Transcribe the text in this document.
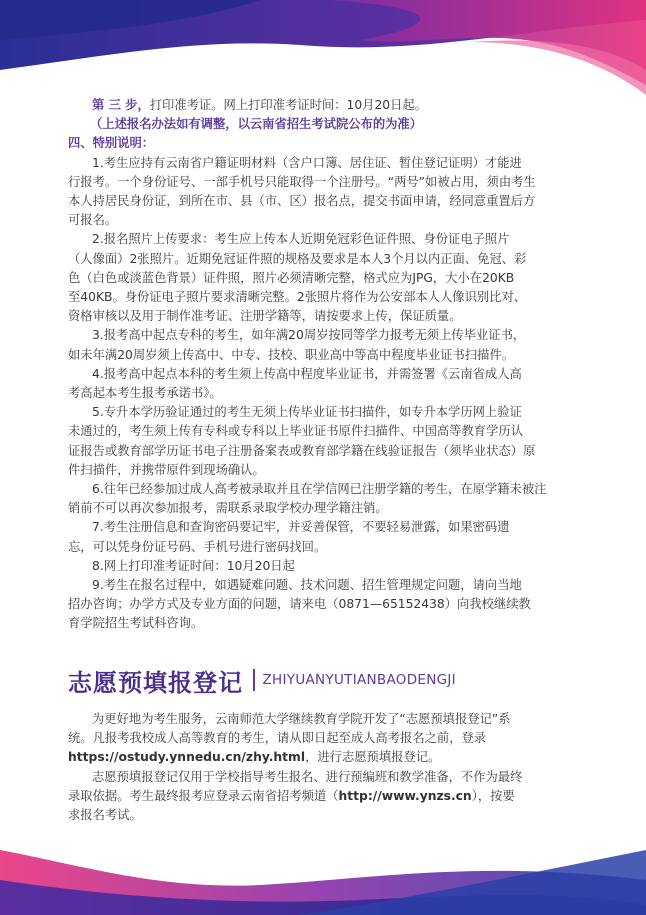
第 三 步，打印准考证。网上打印准考证时间：10月20日起。
（上述报名办法如有调整，以云南省招生考试院公布的为准）
四、特别说明：
1.考生应持有云南省户籍证明材料（含户口簿、居住证、暂住登记证明）才能进
行报考。一个身份证号、一部手机号只能取得一个注册号。“两号”如被占用，须由考生
本人持居民身份证，到所在市、县（市、区）报名点，提交书面申请，经同意重置后方
可报名。
2.报名照片上传要求：考生应上传本人近期免冠彩色证件照、身份证电子照片
（人像面）2张照片。近期免冠证件照的规格及要求是本人3个月以内正面、免冠、彩
色（白色或淡蓝色背景）证件照，照片必须清晰完整，格式应为JPG，大小在20KB
至40KB。身份证电子照片要求清晰完整。2张照片将作为公安部本人人像识别比对、
资格审核以及用于制作准考证、注册学籍等，请按要求上传，保证质量。
3.报考高中起点专科的考生，如年满20周岁按同等学力报考无须上传毕业证书，
如未年满20周岁须上传高中、中专、技校、职业高中等高中程度毕业证书扫描件。
4.报考高中起点本科的考生须上传高中程度毕业证书，并需签署《云南省成人高
考高起本考生报考承诺书》。
5.专升本学历验证通过的考生无须上传毕业证书扫描件，如专升本学历网上验证
未通过的，考生须上传有专科或专科以上毕业证书原件扫描件、中国高等教育学历认
证报告或教育部学历证书电子注册备案表或教育部学籍在线验证报告（须毕业状态）原
件扫描件，并携带原件到现场确认。
6.往年已经参加过成人高考被录取并且在学信网已注册学籍的考生，在原学籍未被注
销前不可以再次参加报考，需联系录取学校办理学籍注销。
7.考生注册信息和查询密码要记牢，并妥善保管，不要轻易泄露，如果密码遗
忘，可以凭身份证号码、手机号进行密码找回。
8.网上打印准考证时间：10月20日起
9.考生在报名过程中，如遇疑难问题、技术问题、招生管理规定问题，请向当地
招办咨询；办学方式及专业方面的问题，请来电（0871—65152438）向我校继续教
育学院招生考试科咨询。
志愿预填报登记 ZHIYUANYUTIANBAODENGJI
为更好地为考生服务，云南师范大学继续教育学院开发了“志愿预填报登记”系
统。凡报考我校成人高等教育的考生，请从即日起至成人高考报名之前，登录
https://ostudy.ynnedu.cn/zhy.html，进行志愿预填报登记。
志愿预填报登记仅用于学校指导考生报名、进行预编班和教学准备，不作为最终
录取依据。考生最终报考应登录云南省招考频道（http://www.ynzs.cn），按要
求报名考试。
